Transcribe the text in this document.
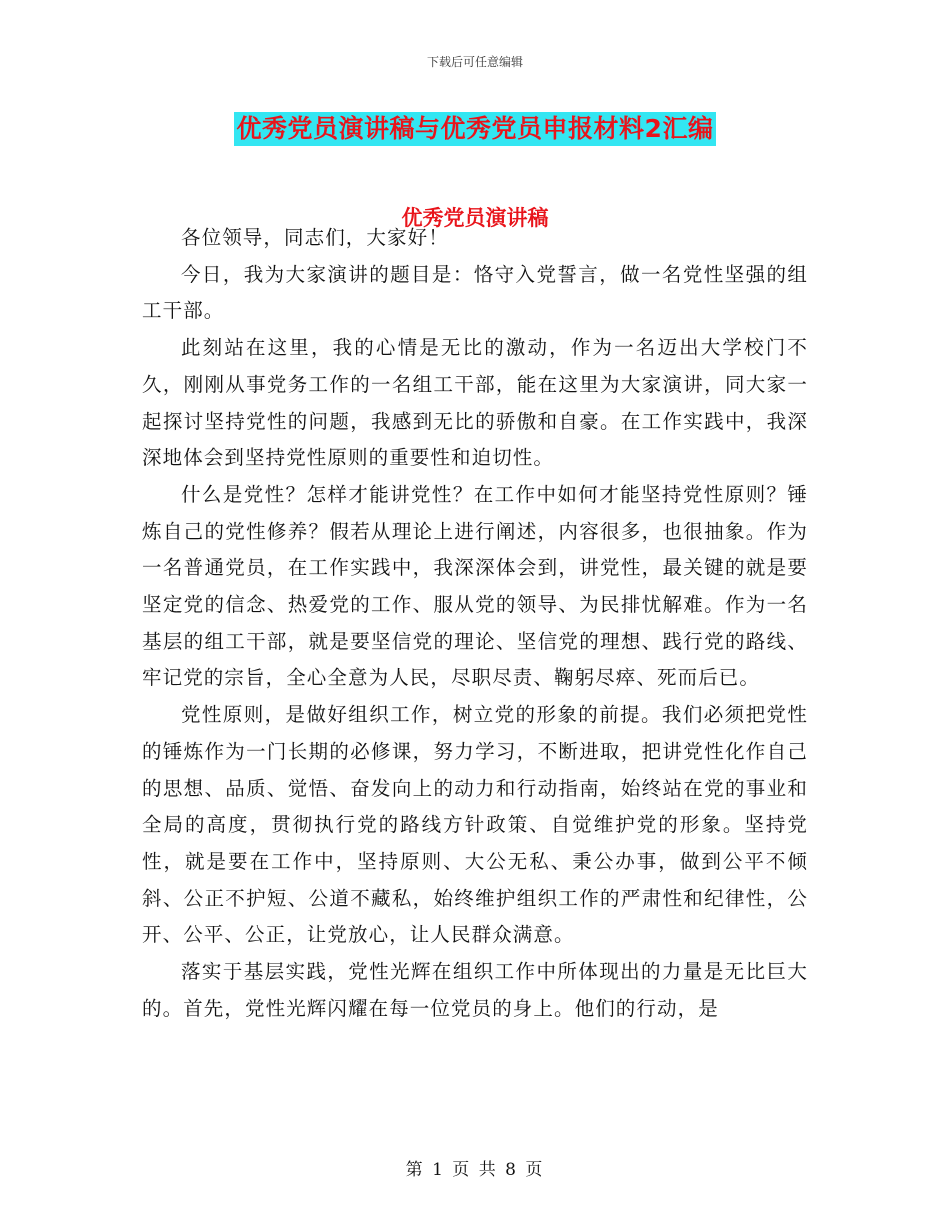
下载后可任意编辑
优秀党员演讲稿与优秀党员申报材料2汇编
优秀党员演讲稿

各位领导，同志们，大家好！

今日，我为大家演讲的题目是：恪守入党誓言，做一名党性坚强的组工干部。

此刻站在这里，我的心情是无比的激动，作为一名迈出大学校门不久，刚刚从事党务工作的一名组工干部，能在这里为大家演讲，同大家一起探讨坚持党性的问题，我感到无比的骄傲和自豪。在工作实践中，我深深地体会到坚持党性原则的重要性和迫切性。

什么是党性？怎样才能讲党性？在工作中如何才能坚持党性原则？锤炼自己的党性修养？假若从理论上进行阐述，内容很多，也很抽象。作为一名普通党员，在工作实践中，我深深体会到，讲党性，最关键的就是要坚定党的信念、热爱党的工作、服从党的领导、为民排忧解难。作为一名基层的组工干部，就是要坚信党的理论、坚信党的理想、践行党的路线、牢记党的宗旨，全心全意为人民，尽职尽责、鞠躬尽瘁、死而后已。

党性原则，是做好组织工作，树立党的形象的前提。我们必须把党性的锤炼作为一门长期的必修课，努力学习，不断进取，把讲党性化作自己的思想、品质、觉悟、奋发向上的动力和行动指南，始终站在党的事业和全局的高度，贯彻执行党的路线方针政策、自觉维护党的形象。坚持党性，就是要在工作中，坚持原则、大公无私、秉公办事，做到公平不倾斜、公正不护短、公道不藏私，始终维护组织工作的严肃性和纪律性，公开、公平、公正，让党放心，让人民群众满意。

落实于基层实践，党性光辉在组织工作中所体现出的力量是无比巨大的。首先，党性光辉闪耀在每一位党员的身上。他们的行动，是

第 1 页 共 8 页
